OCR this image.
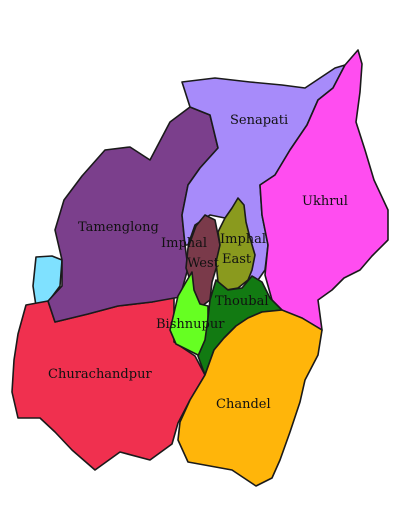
Senapati
Ukhrul
Tamenglong
Imphal
West
Imphal
East
Thoubal
Bishnupur
Churachandpur
Chandel
